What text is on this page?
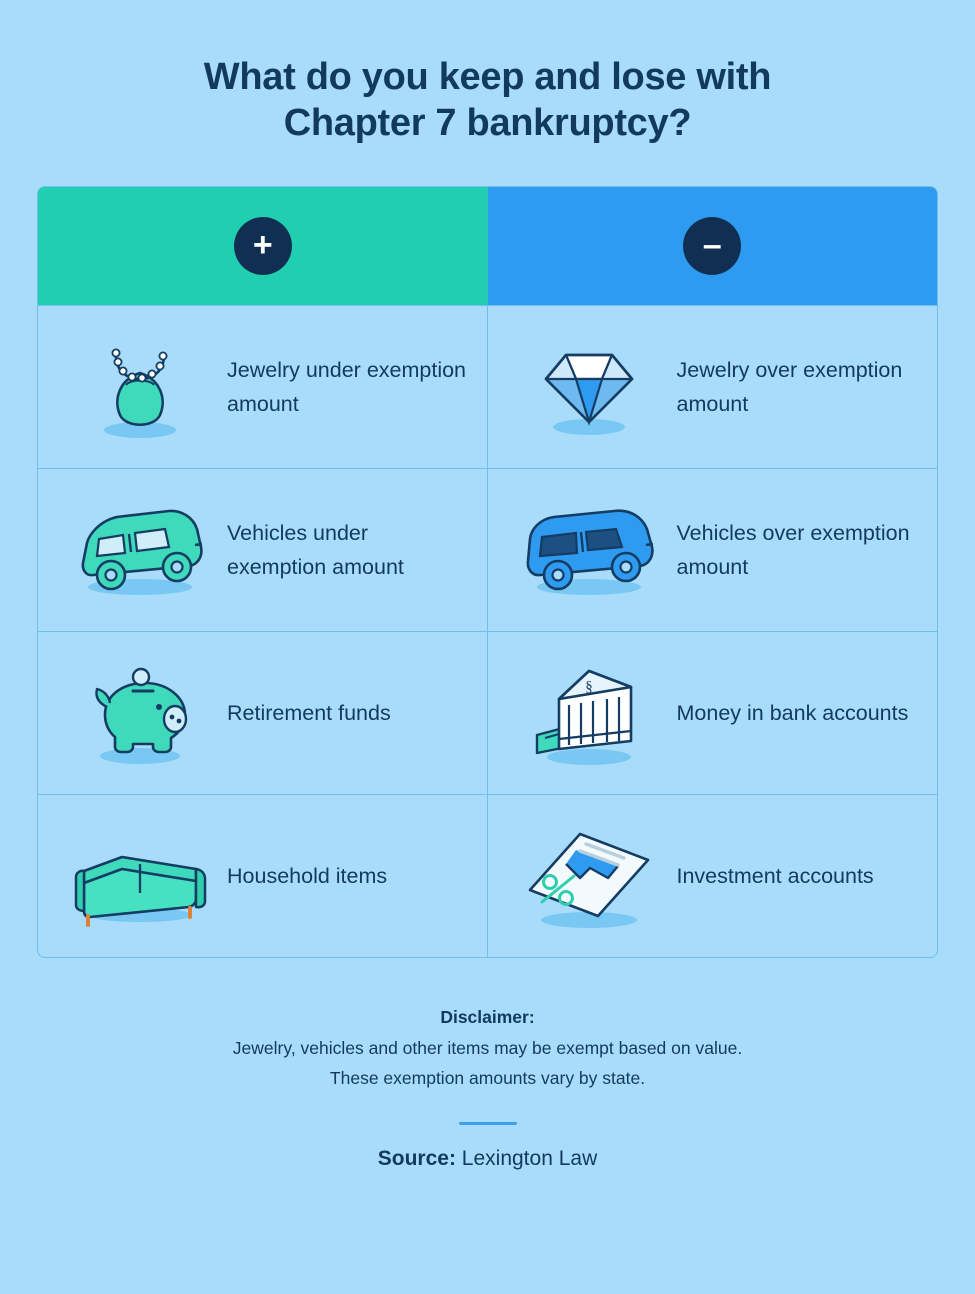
What do you keep and lose with
Chapter 7 bankruptcy?
+	–
Jewelry under exemption amount
Jewelry over exemption amount
Vehicles under exemption amount
Vehicles over exemption amount
Retirement funds
§
Money in bank accounts
Household items	Investment accounts
Disclaimer:
Jewelry, vehicles and other items may be exempt based on value.
These exemption amounts vary by state.
Source: Lexington Law
